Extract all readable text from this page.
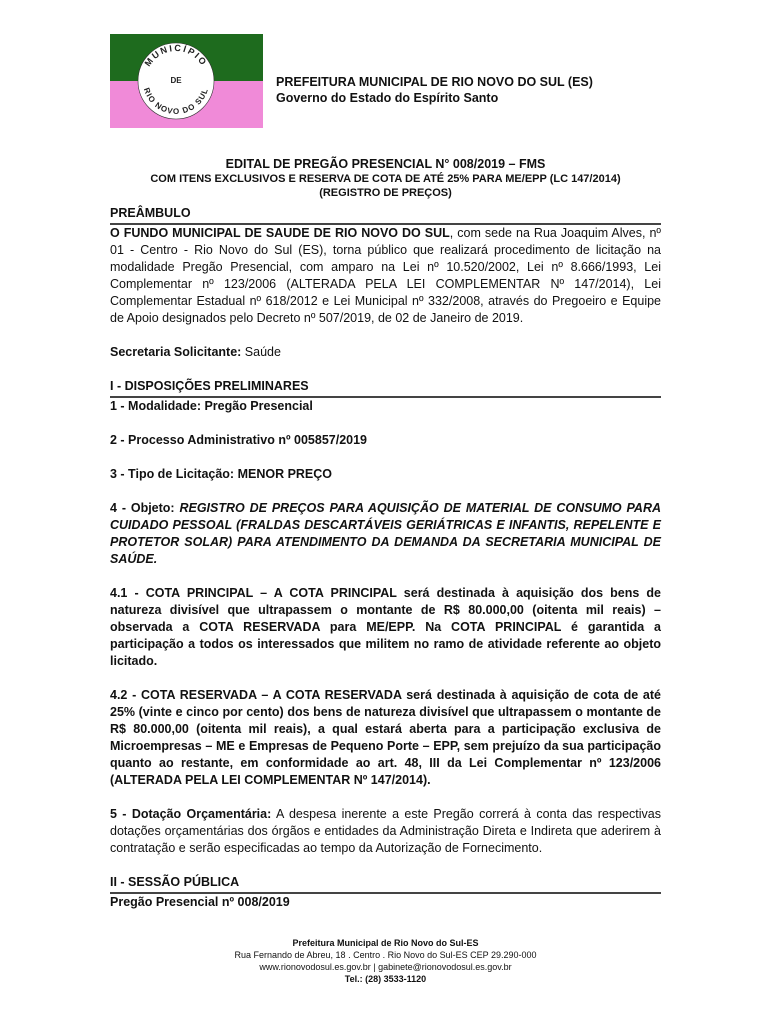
MUNICÍPIO
RIO NOVO DO SUL
DE	PREFEITURA MUNICIPAL DE RIO NOVO DO SUL (ES)
Governo do Estado do Espírito Santo
EDITAL DE PREGÃO PRESENCIAL N° 008/2019 – FMS
COM ITENS EXCLUSIVOS E RESERVA DE COTA DE ATÉ 25% PARA ME/EPP (LC 147/2014)
(REGISTRO DE PREÇOS)
PREÂMBULO

O FUNDO MUNICIPAL DE SAUDE DE RIO NOVO DO SUL, com sede na Rua Joaquim Alves, nº 01 - Centro - Rio Novo do Sul (ES), torna público que realizará procedimento de licitação na modalidade Pregão Presencial, com amparo na Lei nº 10.520/2002, Lei nº 8.666/1993, Lei Complementar nº 123/2006 (ALTERADA PELA LEI COMPLEMENTAR Nº 147/2014), Lei Complementar Estadual nº 618/2012 e Lei Municipal nº 332/2008, através do Pregoeiro e Equipe de Apoio designados pelo Decreto nº 507/2019, de 02 de Janeiro de 2019.

Secretaria Solicitante: Saúde

I - DISPOSIÇÕES PRELIMINARES

1 - Modalidade: Pregão Presencial

2 - Processo Administrativo nº 005857/2019

3 - Tipo de Licitação: MENOR PREÇO

4 - Objeto: REGISTRO DE PREÇOS PARA AQUISIÇÃO DE MATERIAL DE CONSUMO PARA CUIDADO PESSOAL (FRALDAS DESCARTÁVEIS GERIÁTRICAS E INFANTIS, REPELENTE E PROTETOR SOLAR) PARA ATENDIMENTO DA DEMANDA DA SECRETARIA MUNICIPAL DE SAÚDE.

4.1 - COTA PRINCIPAL – A COTA PRINCIPAL será destinada à aquisição dos bens de natureza divisível que ultrapassem o montante de R$ 80.000,00 (oitenta mil reais) – observada a COTA RESERVADA para ME/EPP. Na COTA PRINCIPAL é garantida a participação a todos os interessados que militem no ramo de atividade referente ao objeto licitado.

4.2 - COTA RESERVADA – A COTA RESERVADA será destinada à aquisição de cota de até 25% (vinte e cinco por cento) dos bens de natureza divisível que ultrapassem o montante de R$ 80.000,00 (oitenta mil reais), a qual estará aberta para a participação exclusiva de Microempresas – ME e Empresas de Pequeno Porte – EPP, sem prejuízo da sua participação quanto ao restante, em conformidade ao art. 48, III da Lei Complementar nº 123/2006 (ALTERADA PELA LEI COMPLEMENTAR Nº 147/2014).

5 - Dotação Orçamentária: A despesa inerente a este Pregão correrá à conta das respectivas dotações orçamentárias dos órgãos e entidades da Administração Direta e Indireta que aderirem à contratação e serão especificadas ao tempo da Autorização de Fornecimento.

II - SESSÃO PÚBLICA

Pregão Presencial nº 008/2019

Prefeitura Municipal de Rio Novo do Sul-ES
Rua Fernando de Abreu, 18 . Centro . Rio Novo do Sul-ES CEP 29.290-000
www.rionovodosul.es.gov.br | gabinete@rionovodosul.es.gov.br
Tel.: (28) 3533-1120
